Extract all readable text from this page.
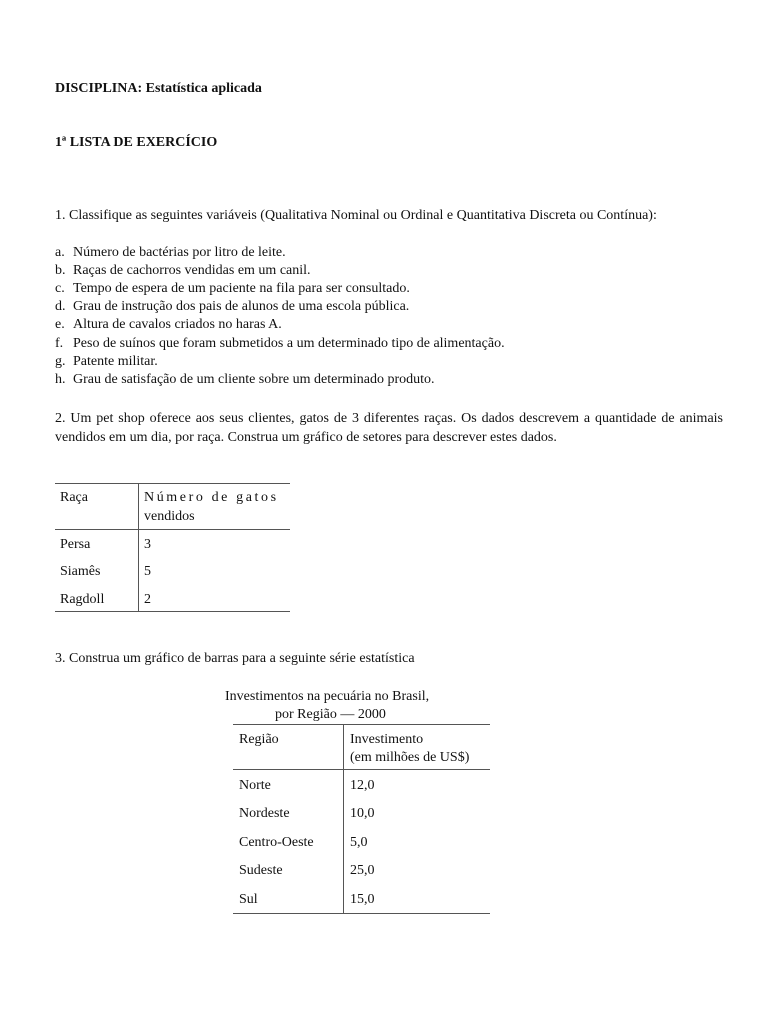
DISCIPLINA: Estatística aplicada
1ª LISTA DE EXERCÍCIO
1. Classifique as seguintes variáveis (Qualitativa Nominal ou Ordinal e Quantitativa Discreta ou Contínua):
a. Número de bactérias por litro de leite.
b. Raças de cachorros vendidas em um canil.
c. Tempo de espera de um paciente na fila para ser consultado.
d. Grau de instrução dos pais de alunos de uma escola pública.
e. Altura de cavalos criados no haras A.
f. Peso de suínos que foram submetidos a um determinado tipo de alimentação.
g. Patente militar.
h. Grau de satisfação de um cliente sobre um determinado produto.
2. Um pet shop oferece aos seus clientes, gatos de 3 diferentes raças. Os dados descrevem a quantidade de animais vendidos em um dia, por raça. Construa um gráfico de setores para descrever estes dados.
Raça	Número de gatos
vendidos
Persa	3
Siamês	5
Ragdoll	2
3. Construa um gráfico de barras para a seguinte série estatística
Investimentos na pecuária no Brasil,
por Região — 2000
Região	Investimento
(em milhões de US$)
Norte	12,0
Nordeste	10,0
Centro-Oeste	5,0
Sudeste	25,0
Sul	15,0
